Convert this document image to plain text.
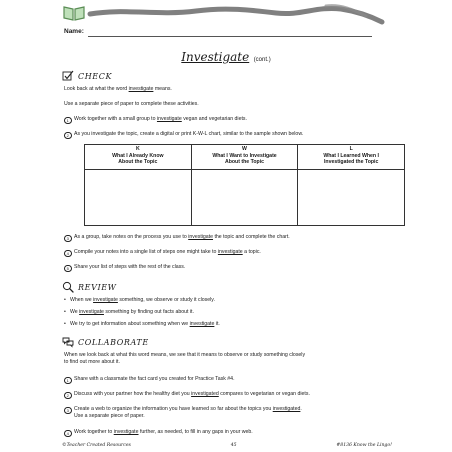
Name:
Investigate (cont.)
CHECK
Look back at what the word investigate means.
Use a separate piece of paper to complete these activities.
1 Work together with a small group to investigate vegan and vegetarian diets.
2 As you investigate the topic, create a digital or print K-W-L chart, similar to the sample shown below.
K
What I Already Know
About the Topic
W
What I Want to Investigate
About the Topic
L
What I Learned When I
Investigated the Topic
3 As a group, take notes on the process you use to investigate the topic and complete the chart.
4 Compile your notes into a single list of steps one might take to investigate a topic.
5 Share your list of steps with the rest of the class.
REVIEW
• When we investigate something, we observe or study it closely.
• We investigate something by finding out facts about it.
• We try to get information about something when we investigate it.
COLLABORATE
When we look back at what this word means, we see that it means to observe or study something closely
to find out more about it.
1 Share with a classmate the fact card you created for Practice Task #4.
2 Discuss with your partner how the healthy diet you investigated compares to vegetarian or vegan diets.
3 Create a web to organize the information you have learned so far about the topics you investigated.
Use a separate piece of paper.
4 Work together to investigate further, as needed, to fill in any gaps in your web.
©Teacher Created Resources	45	#8136 Know the Lingo!
